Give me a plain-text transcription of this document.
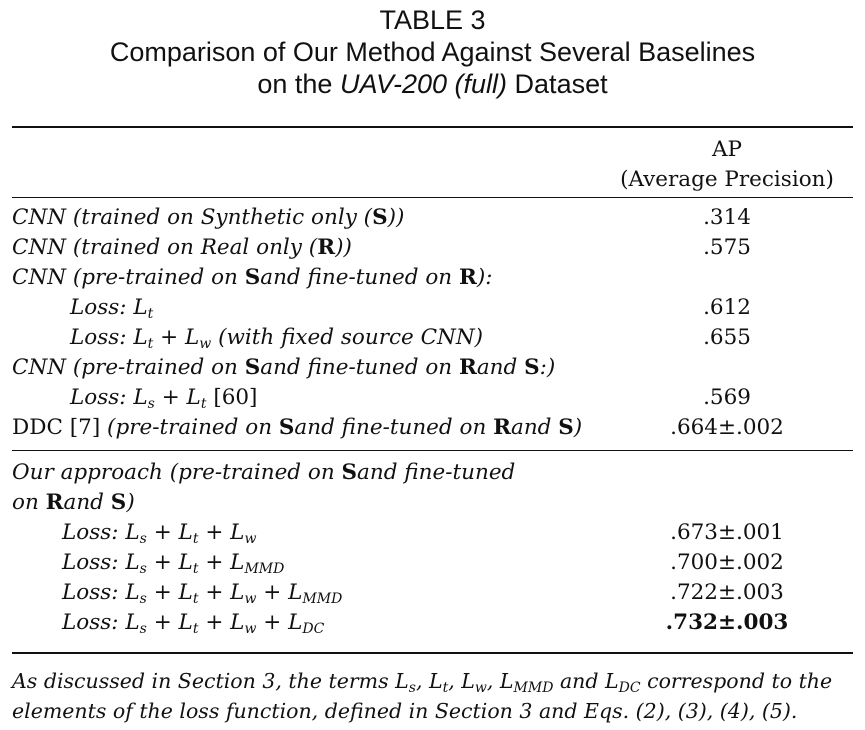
TABLE 3
Comparison of Our Method Against Several Baselines
on the UAV-200 (full) Dataset
AP
(Average Precision)
CNN (trained on Synthetic only (S))	.314
CNN (trained on Real only (R))	.575
CNN (pre-trained on Sand fine-tuned on R):
Loss: $L_t$	.612
Loss: $L_t + L_w$ (with fixed source CNN)	.655
CNN (pre-trained on Sand fine-tuned on Rand S:)
Loss: $L_s + L_t$ [60]	.569
DDC [7] (pre-trained on Sand fine-tuned on Rand S)	.664±.002
Our approach (pre-trained on Sand fine-tuned
on Rand S)
Loss: $L_s + L_t + L_w$	.673±.001
Loss: $L_s + L_t + L_{MMD}$	.700±.002
Loss: $L_s + L_t + L_w + L_{MMD}$	.722±.003
Loss: $L_s + L_t + L_w + L_{DC}$	.732±.003
As discussed in Section 3, the terms $L_s$, $L_t$, $L_w$, $L_{MMD}$ and $L_{DC}$ correspond to the elements of the loss function, defined in Section 3 and Eqs. (2), (3), (4), (5).
